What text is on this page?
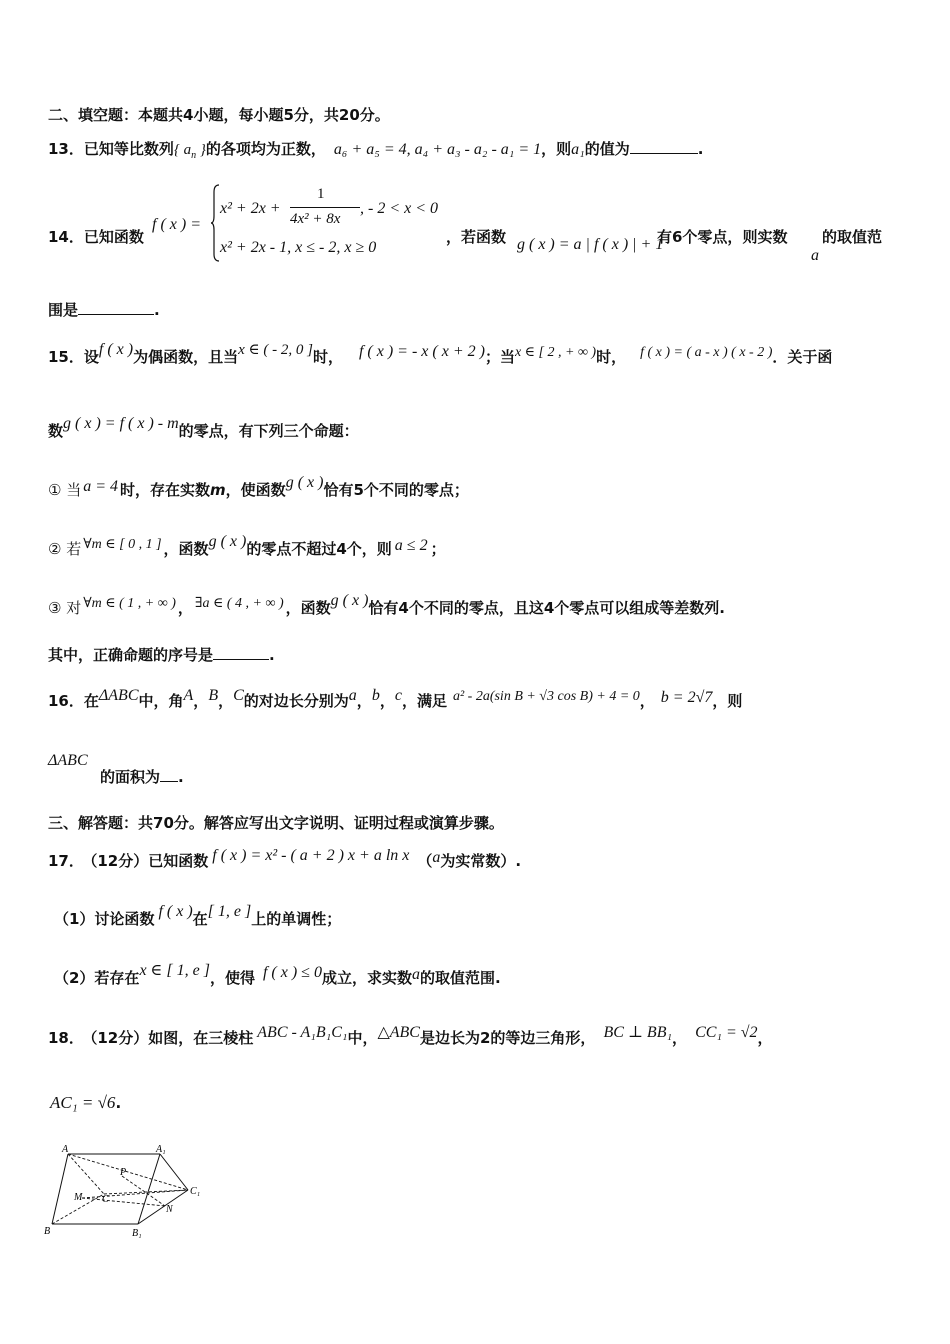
二、填空题：本题共4小题，每小题5分，共20分。
13．已知等比数列{ $a_n$ }的各项均为正数， a₆ + a₅ = 4, a₄ + a₃ - a₂ - a₁ = 1，则a₁的值为	.
14．已知函数
f ( x ) =
x² + 2x +
1
4x² + 8x
, - 2 < x < 0
x² + 2x - 1, x ≤ - 2, x ≥ 0
，若函数 g ( x ) = a | f ( x ) | + 1
有6个零点，则实数
a
的取值范
围是	.
15．设f ( x )为偶函数，且当x ∈ ( - 2, 0 ]时， f ( x ) = - x ( x + 2 )；当x ∈ [ 2 , + ∞ )时， f ( x ) = ( a - x ) ( x - 2 )．关于函
数g ( x ) = f ( x ) - m的零点，有下列三个命题：
① 当 a = 4 时，存在实数m，使函数g ( x )恰有5个不同的零点；
② 若 ∀m ∈ [ 0 , 1 ] ，函数g ( x )的零点不超过4个，则 a ≤ 2 ；
③ 对 ∀m ∈ ( 1 , + ∞ ) ， ∃a ∈ ( 4 , + ∞ ) ，函数g ( x )恰有4个不同的零点，且这4个零点可以组成等差数列.
其中，正确命题的序号是	.
16．在ΔABC中，角A，B，C的对边长分别为a，b，c，满足 a² - 2a(sin B + √3 cos B) + 4 = 0， b = 2√7，则
ΔABC
的面积为 .
三、解答题：共70分。解答应写出文字说明、证明过程或演算步骤。
17． （12分）已知函数 f ( x ) = x² - ( a + 2 ) x + a ln x （a为实常数）.
（1）讨论函数 f ( x )在[ 1, e ]上的单调性；
（2）若存在x ∈ [ 1, e ]，使得 f ( x ) ≤ 0成立，求实数a的取值范围.
18． （12分）如图，在三棱柱 ABC - A₁B₁C₁中，△ABC是边长为2的等边三角形， BC ⊥ BB₁， CC₁ = √2，
AC₁ = √6.
A	A₁
B	B₁
C
C₁
M
N
P
